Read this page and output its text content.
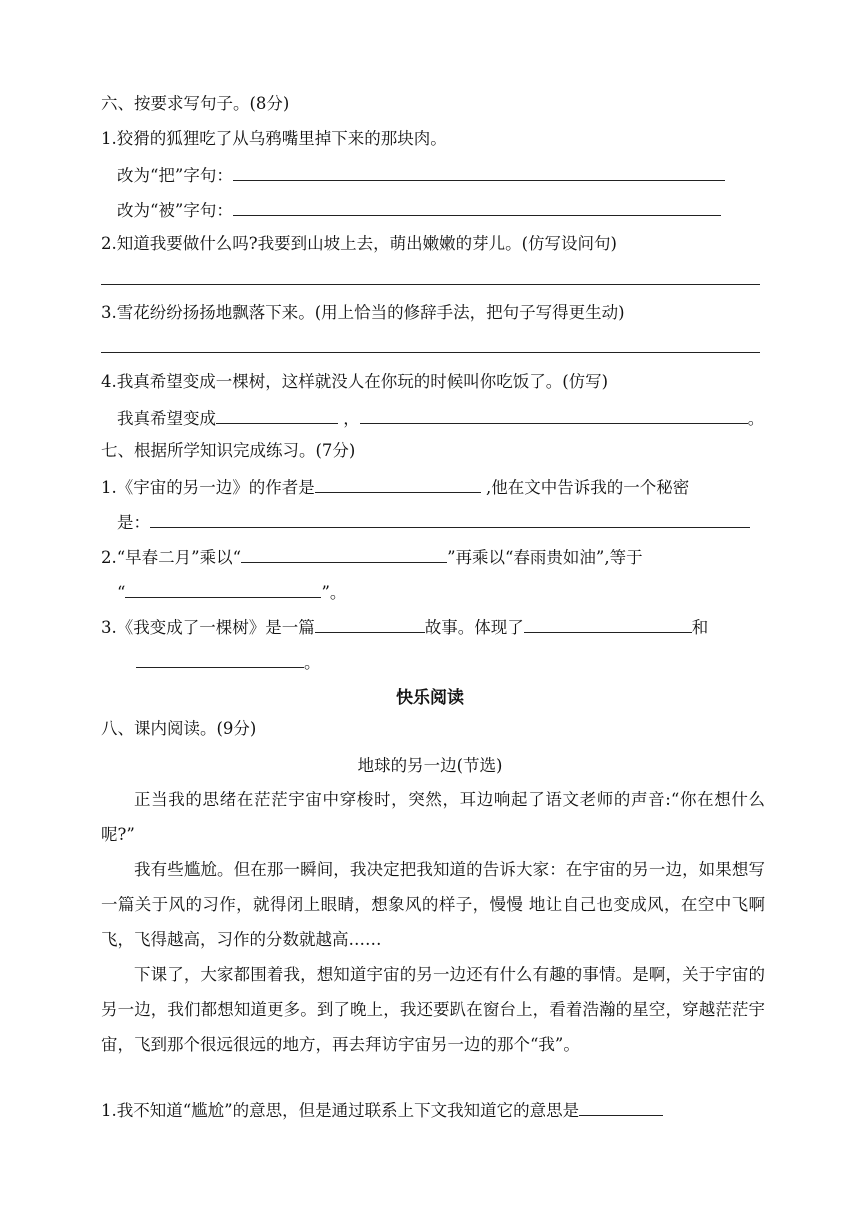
六、按要求写句子。(8分)
1.狡猾的狐狸吃了从乌鸦嘴里掉下来的那块肉。
改为“把”字句：
改为“被”字句：
2.知道我要做什么吗?我要到山坡上去，萌出嫩嫩的芽儿。(仿写设问句)
3.雪花纷纷扬扬地飘落下来。(用上恰当的修辞手法，把句子写得更生动)
4.我真希望变成一棵树，这样就没人在你玩的时候叫你吃饭了。(仿写)
我真希望变成	，	。
七、根据所学知识完成练习。(7分)
1.《宇宙的另一边》的作者是	,他在文中告诉我的一个秘密
是：
2.“早春二月”乘以“	”再乘以“春雨贵如油”,等于
“	”。
3.《我变成了一棵树》是一篇	故事。体现了	和
。
快乐阅读
八、课内阅读。(9分)
地球的另一边(节选)
正当我的思绪在茫茫宇宙中穿梭时，突然，耳边响起了语文老师的声音:“你在想什么呢?”
我有些尴尬。但在那一瞬间，我决定把我知道的告诉大家：在宇宙的另一边，如果想写一篇关于风的习作，就得闭上眼睛，想象风的样子，慢慢 地让自己也变成风，在空中飞啊飞，飞得越高，习作的分数就越高……
下课了，大家都围着我，想知道宇宙的另一边还有什么有趣的事情。是啊，关于宇宙的另一边，我们都想知道更多。到了晚上，我还要趴在窗台上，看着浩瀚的星空，穿越茫茫宇宙，飞到那个很远很远的地方，再去拜访宇宙另一边的那个“我”。
1.我不知道“尴尬”的意思，但是通过联系上下文我知道它的意思是
